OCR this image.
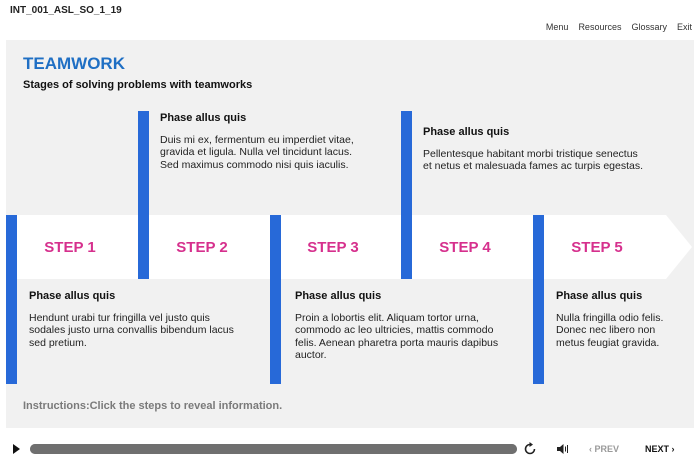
INT_001_ASL_SO_1_19
Menu Resources Glossary Exit
TEAMWORK
Stages of solving problems with teamworks
STEP 1	STEP 2	STEP 3	STEP 4	STEP 5
Phase allus quis
Hendunt urabi tur fringilla vel justo quis sodales justo urna convallis bibendum lacus sed pretium.
Phase allus quis
Duis mi ex, fermentum eu imperdiet vitae, gravida et ligula. Nulla vel tincidunt lacus. Sed maximus commodo nisi quis iaculis.
Phase allus quis
Proin a lobortis elit. Aliquam tortor urna, commodo ac leo ultricies, mattis commodo felis. Aenean pharetra porta mauris dapibus auctor.
Phase allus quis
Pellentesque habitant morbi tristique senectus et netus et malesuada fames ac turpis egestas.
Phase allus quis
Nulla fringilla odio felis. Donec nec libero non metus feugiat gravida.
Instructions:Click the steps to reveal information.
‹ PREV	NEXT ›
